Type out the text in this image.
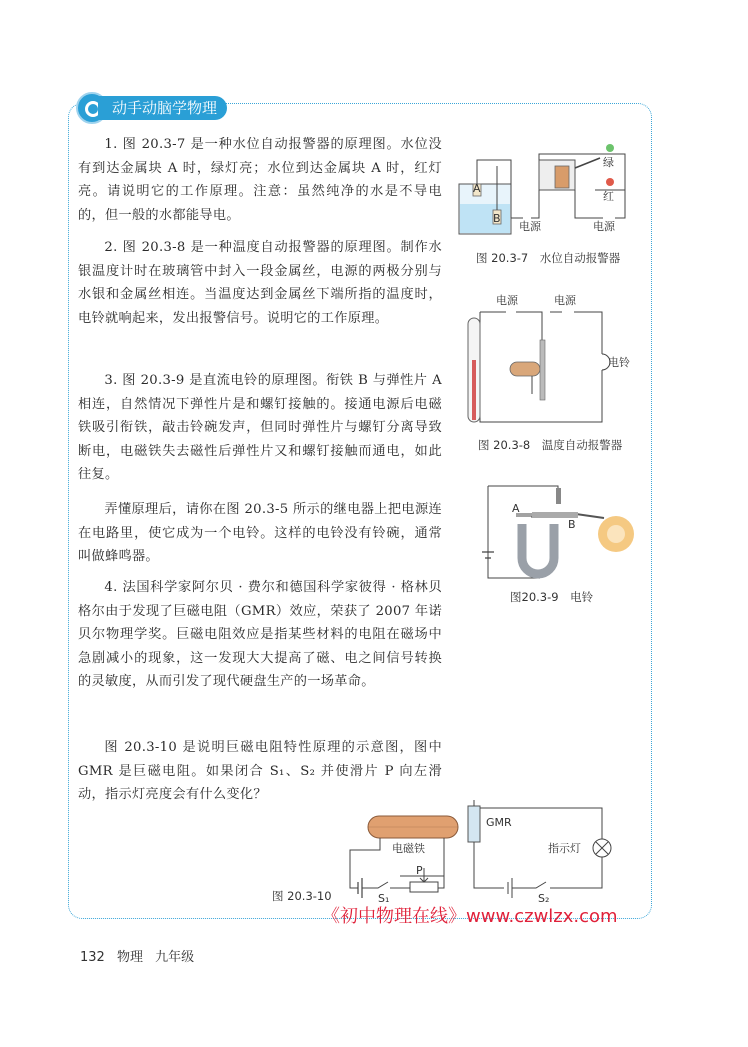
动手动脑学物理

1. 图 20.3-7 是一种水位自动报警器的原理图。水位没有到达金属块 A 时，绿灯亮；水位到达金属块 A 时，红灯亮。请说明它的工作原理。注意：虽然纯净的水是不导电的，但一般的水都能导电。

2. 图 20.3-8 是一种温度自动报警器的原理图。制作水银温度计时在玻璃管中封入一段金属丝，电源的两极分别与水银和金属丝相连。当温度达到金属丝下端所指的温度时，电铃就响起来，发出报警信号。说明它的工作原理。

3. 图 20.3-9 是直流电铃的原理图。衔铁 B 与弹性片 A 相连，自然情况下弹性片是和螺钉接触的。接通电源后电磁铁吸引衔铁，敲击铃碗发声，但同时弹性片与螺钉分离导致断电，电磁铁失去磁性后弹性片又和螺钉接触而通电，如此往复。

弄懂原理后，请你在图 20.3-5 所示的继电器上把电源连在电路里，使它成为一个电铃。这样的电铃没有铃碗，通常叫做蜂鸣器。

4. 法国科学家阿尔贝 · 费尔和德国科学家彼得 · 格林贝格尔由于发现了巨磁电阻（GMR）效应，荣获了 2007 年诺贝尔物理学奖。巨磁电阻效应是指某些材料的电阻在磁场中急剧减小的现象，这一发现大大提高了磁、电之间信号转换的灵敏度，从而引发了现代硬盘生产的一场革命。

图 20.3-10 是说明巨磁电阻特性原理的示意图，图中 GMR 是巨磁电阻。如果闭合 S₁、S₂ 并使滑片 P 向左滑动，指示灯亮度会有什么变化？

A
B
绿
红
电源	电源
图 20.3-7　水位自动报警器
电源	电源
电铃
图 20.3-8　温度自动报警器
A
B
图20.3-9　电铃
GMR
电磁铁	指示灯
P
S₁	S₂
图 20.3-10
《初中物理在线》www.czwlzx.com
132 物理 九年级
